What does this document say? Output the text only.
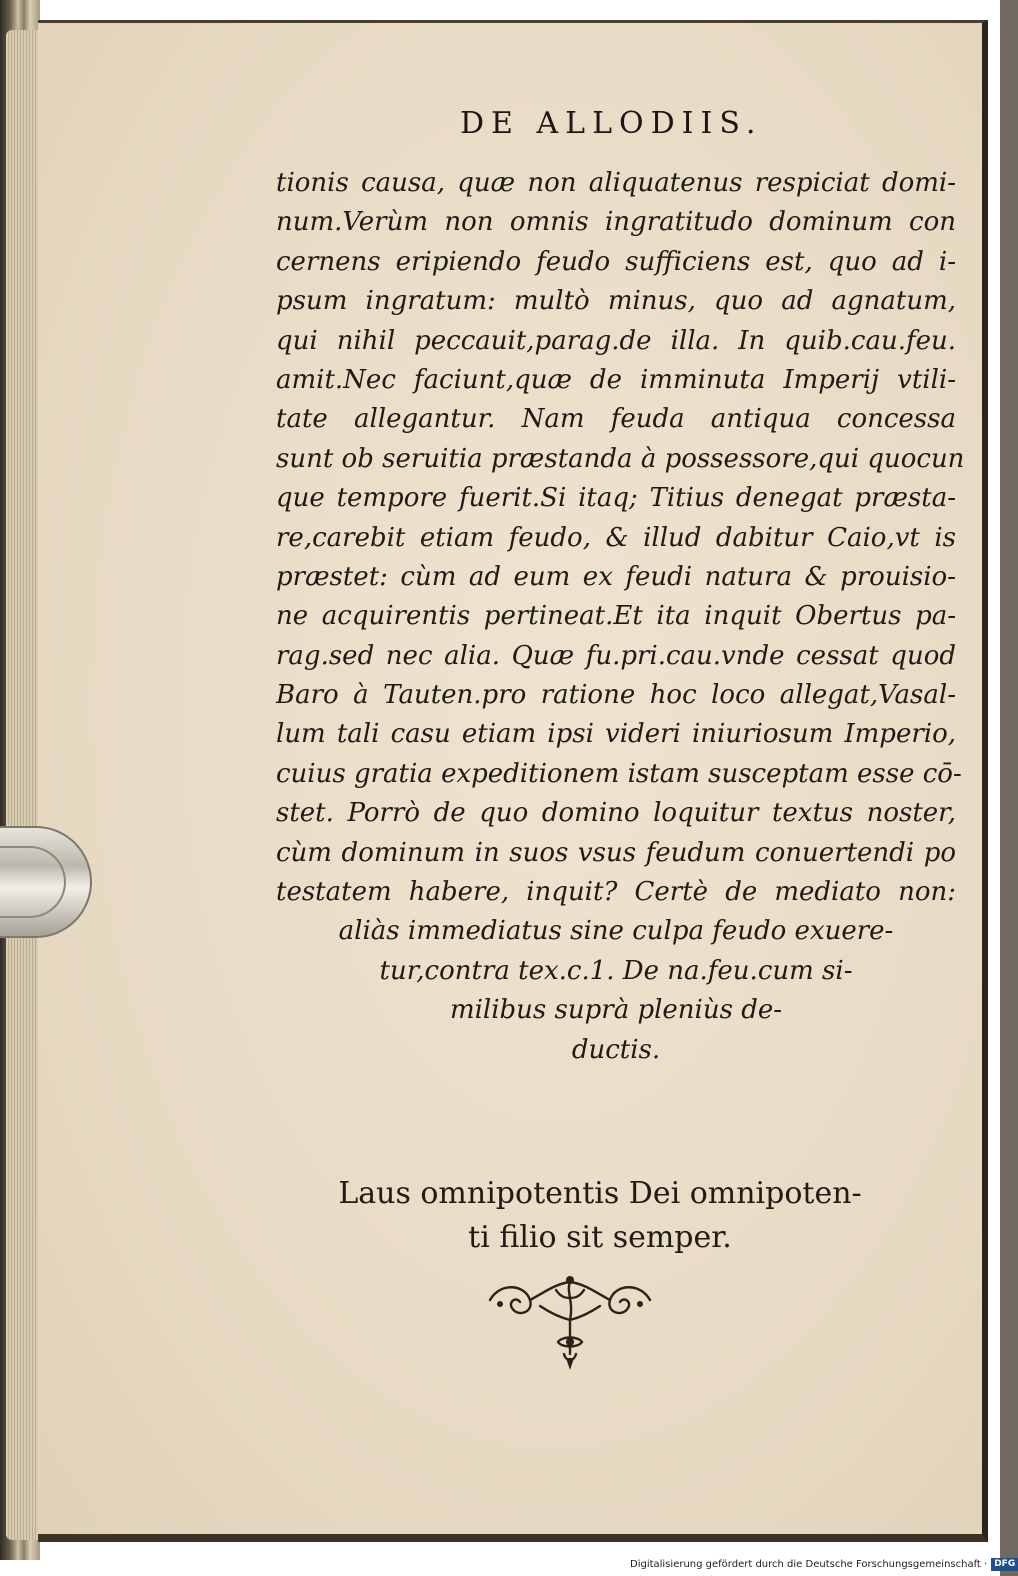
DE ALLODIIS.
tionis causa, quæ non aliquatenus respiciat domi-
num.Verùm non omnis ingratitudo dominum con
cernens eripiendo feudo sufficiens est, quo ad i-
psum ingratum: multò minus, quo ad agnatum,
qui nihil peccauit,parag.de illa. In quib.cau.feu.
amit.Nec faciunt,quæ de imminuta Imperij vtili-
tate allegantur. Nam feuda antiqua concessa
sunt ob seruitia præstanda à possessore,qui quocun
que tempore fuerit.Si itaq; Titius denegat præsta-
re,carebit etiam feudo, & illud dabitur Caio,vt is
præstet: cùm ad eum ex feudi natura & prouisio-
ne acquirentis pertineat.Et ita inquit Obertus pa-
rag.sed nec alia. Quæ fu.pri.cau.vnde cessat quod
Baro à Tauten.pro ratione hoc loco allegat,Vasal-
lum tali casu etiam ipsi videri iniuriosum Imperio,
cuius gratia expeditionem istam susceptam esse cō-
stet. Porrò de quo domino loquitur textus noster,
cùm dominum in suos vsus feudum conuertendi po
testatem habere, inquit? Certè de mediato non:
aliàs immediatus sine culpa feudo exuere-
tur,contra tex.c.1. De na.feu.cum si-
milibus suprà pleniùs de-
ductis.
Laus omnipotentis Dei omnipoten-
ti filio sit semper.
Digitalisierung gefördert durch die Deutsche Forschungsgemeinschaft · DFG
